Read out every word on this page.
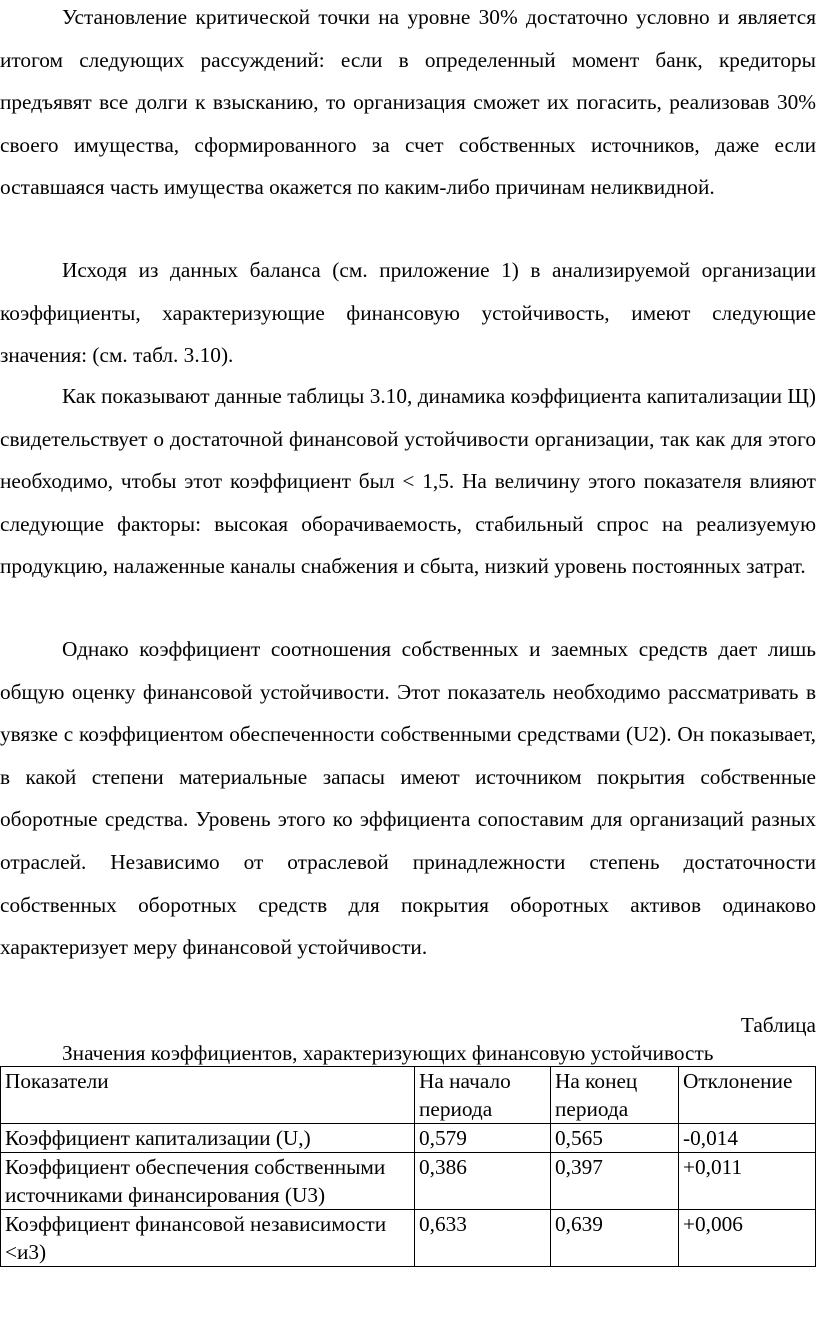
Установление критической точки на уровне 30% достаточно условно и является итогом следующих рассуждений: если в определенный момент банк, кредиторы предъявят все долги к взысканию, то организация сможет их погасить, реализовав 30% своего имущества, сформированного за счет собственных источников, даже если оставшаяся часть имущества окажется по каким-либо причинам неликвидной.

Исходя из данных баланса (см. приложение 1) в анализируемой организации коэффициенты, характеризующие финансовую устойчивость, имеют следующие значения: (см. табл. 3.10).

Как показывают данные таблицы 3.10, динамика коэффициента капитализации Щ) свидетельствует о достаточной финансовой устойчивости организации, так как для этого необходимо, чтобы этот коэффициент был < 1,5. На величину этого показателя влияют следующие факторы: высокая оборачиваемость, стабильный спрос на реализуемую продукцию, налаженные каналы снабжения и сбыта, низкий уровень постоянных затрат.

Однако коэффициент соотношения собственных и заемных средств дает лишь общую оценку финансовой устойчивости. Этот показатель необходимо рассматривать в увязке с коэффициентом обеспеченности собственными средствами (U2). Он показывает, в какой степени материальные запасы имеют источником покрытия собственные оборотные средства. Уровень этого ко эффициента сопоставим для организаций разных отраслей. Независимо от отраслевой принадлежности степень достаточности собственных оборотных средств для покрытия оборотных активов одинаково характеризует меру финансовой устойчивости.

Таблица
Значения коэффициентов, характеризующих финансовую устойчивость
Показатели	На начало периода	На конец периода	Отклонение
Коэффициент капитализации (U,)	0,579	0,565	-0,014
Коэффициент обеспечения собственными источниками финансирования (U3)	0,386	0,397	+0,011
Коэффициент финансовой независимости <и3)	0,633	0,639	+0,006
